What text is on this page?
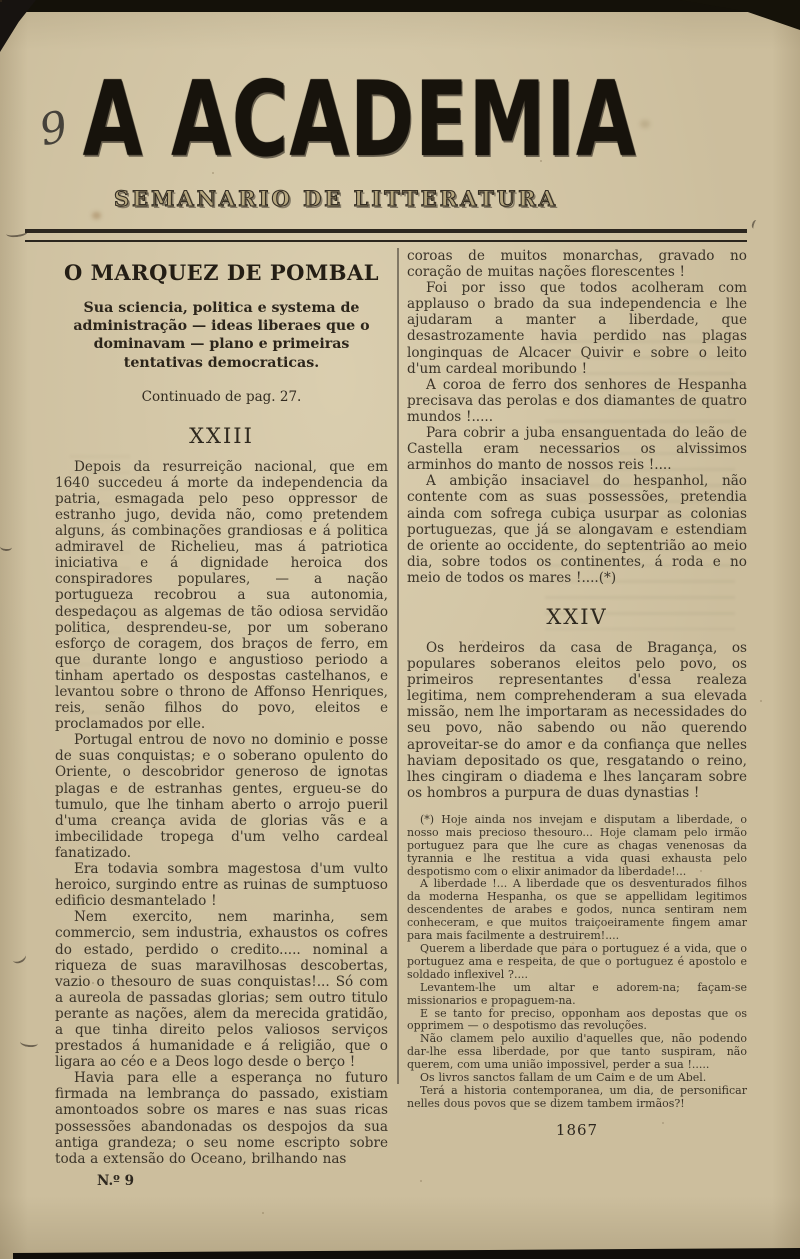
9 A ACADEMIA
SEMANARIO DE LITTERATURA
O MARQUEZ DE POMBAL

Sua sciencia, politica e systema de administração — ideas liberaes que o dominavam — plano e primeiras tentativas democraticas.

Continuado de pag. 27.

XXIII

Depois da resurreição nacional, que em 1640 succedeu á morte da independencia da patria, esmagada pelo peso oppressor de estranho jugo, devida não, como pretendem alguns, ás combinações grandiosas e á politica admiravel de Richelieu, mas á patriotica iniciativa e á dignidade heroica dos conspiradores populares, — a nação portugueza recobrou a sua autonomia, despedaçou as algemas de tão odiosa servidão politica, desprendeu-se, por um soberano esforço de coragem, dos braços de ferro, em que durante longo e angustioso periodo a tinham apertado os despostas castelhanos, e levantou sobre o throno de Affonso Henriques, reis, senão filhos do povo, eleitos e proclamados por elle.

Portugal entrou de novo no dominio e posse de suas conquistas; e o soberano opulento do Oriente, o descobridor generoso de ignotas plagas e de estranhas gentes, ergueu-se do tumulo, que lhe tinham aberto o arrojo pueril d'uma creança avida de glorias vãs e a imbecilidade tropega d'um velho cardeal fanatizado.

Era todavia sombra magestosa d'um vulto heroico, surgindo entre as ruinas de sumptuoso edificio desmantelado !

Nem exercito, nem marinha, sem commercio, sem industria, exhaustos os cofres do estado, perdido o credito..... nominal a riqueza de suas maravilhosas descobertas, vazio o thesouro de suas conquistas!... Só com a aureola de passadas glorias; sem outro titulo perante as nações, alem da merecida gratidão, a que tinha direito pelos valiosos serviços prestados á humanidade e á religião, que o ligara ao céo e a Deos logo desde o berço !

Havia para elle a esperança no futuro firmada na lembrança do passado, existiam amontoados sobre os mares e nas suas ricas possessões abandonadas os despojos da sua antiga grandeza; o seu nome escripto sobre toda a extensão do Oceano, brilhando nas

N.º 9

coroas de muitos monarchas, gravado no coração de muitas nações florescentes !

Foi por isso que todos acolheram com applauso o brado da sua independencia e lhe ajudaram a manter a liberdade, que desastrozamente havia perdido nas plagas longinquas de Alcacer Quivir e sobre o leito d'um cardeal moribundo !

A coroa de ferro dos senhores de Hespanha precisava das perolas e dos diamantes de quatro mundos !.....

Para cobrir a juba ensanguentada do leão de Castella eram necessarios os alvissimos arminhos do manto de nossos reis !....

A ambição insaciavel do hespanhol, não contente com as suas possessões, pretendia ainda com sofrega cubiça usurpar as colonias portuguezas, que já se alongavam e estendiam de oriente ao occidente, do septentrião ao meio dia, sobre todos os continentes, á roda e no meio de todos os mares !....(*)

XXIV

Os herdeiros da casa de Bragança, os populares soberanos eleitos pelo povo, os primeiros representantes d'essa realeza legitima, nem comprehenderam a sua elevada missão, nem lhe importaram as necessidades do seu povo, não sabendo ou não querendo aproveitar-se do amor e da confiança que nelles haviam depositado os que, resgatando o reino, lhes cingiram o diadema e lhes lançaram sobre os hombros a purpura de duas dynastias !

(*) Hoje ainda nos invejam e disputam a liberdade, o nosso mais precioso thesouro... Hoje clamam pelo irmão portuguez para que lhe cure as chagas venenosas da tyrannia e lhe restitua a vida quasi exhausta pelo despotismo com o elixir animador da liberdade!...

A liberdade !... A liberdade que os desventurados filhos da moderna Hespanha, os que se appellidam legitimos descendentes de arabes e godos, nunca sentiram nem conheceram, e que muitos traiçoeiramente fingem amar para mais facilmente a destruirem!....

Querem a liberdade que para o portuguez é a vida, que o portuguez ama e respeita, de que o portuguez é apostolo e soldado inflexivel ?....

Levantem-lhe um altar e adorem-na; façam-se missionarios e propaguem-na.

E se tanto for preciso, opponham aos depostas que os opprimem — o despotismo das revoluções.

Não clamem pelo auxilio d'aquelles que, não podendo dar-lhe essa liberdade, por que tanto suspiram, não querem, com uma união impossivel, perder a sua !.....

Os livros sanctos fallam de um Caim e de um Abel.

Terá a historia contemporanea, um dia, de personificar nelles dous povos que se dizem tambem irmãos?!

1867
